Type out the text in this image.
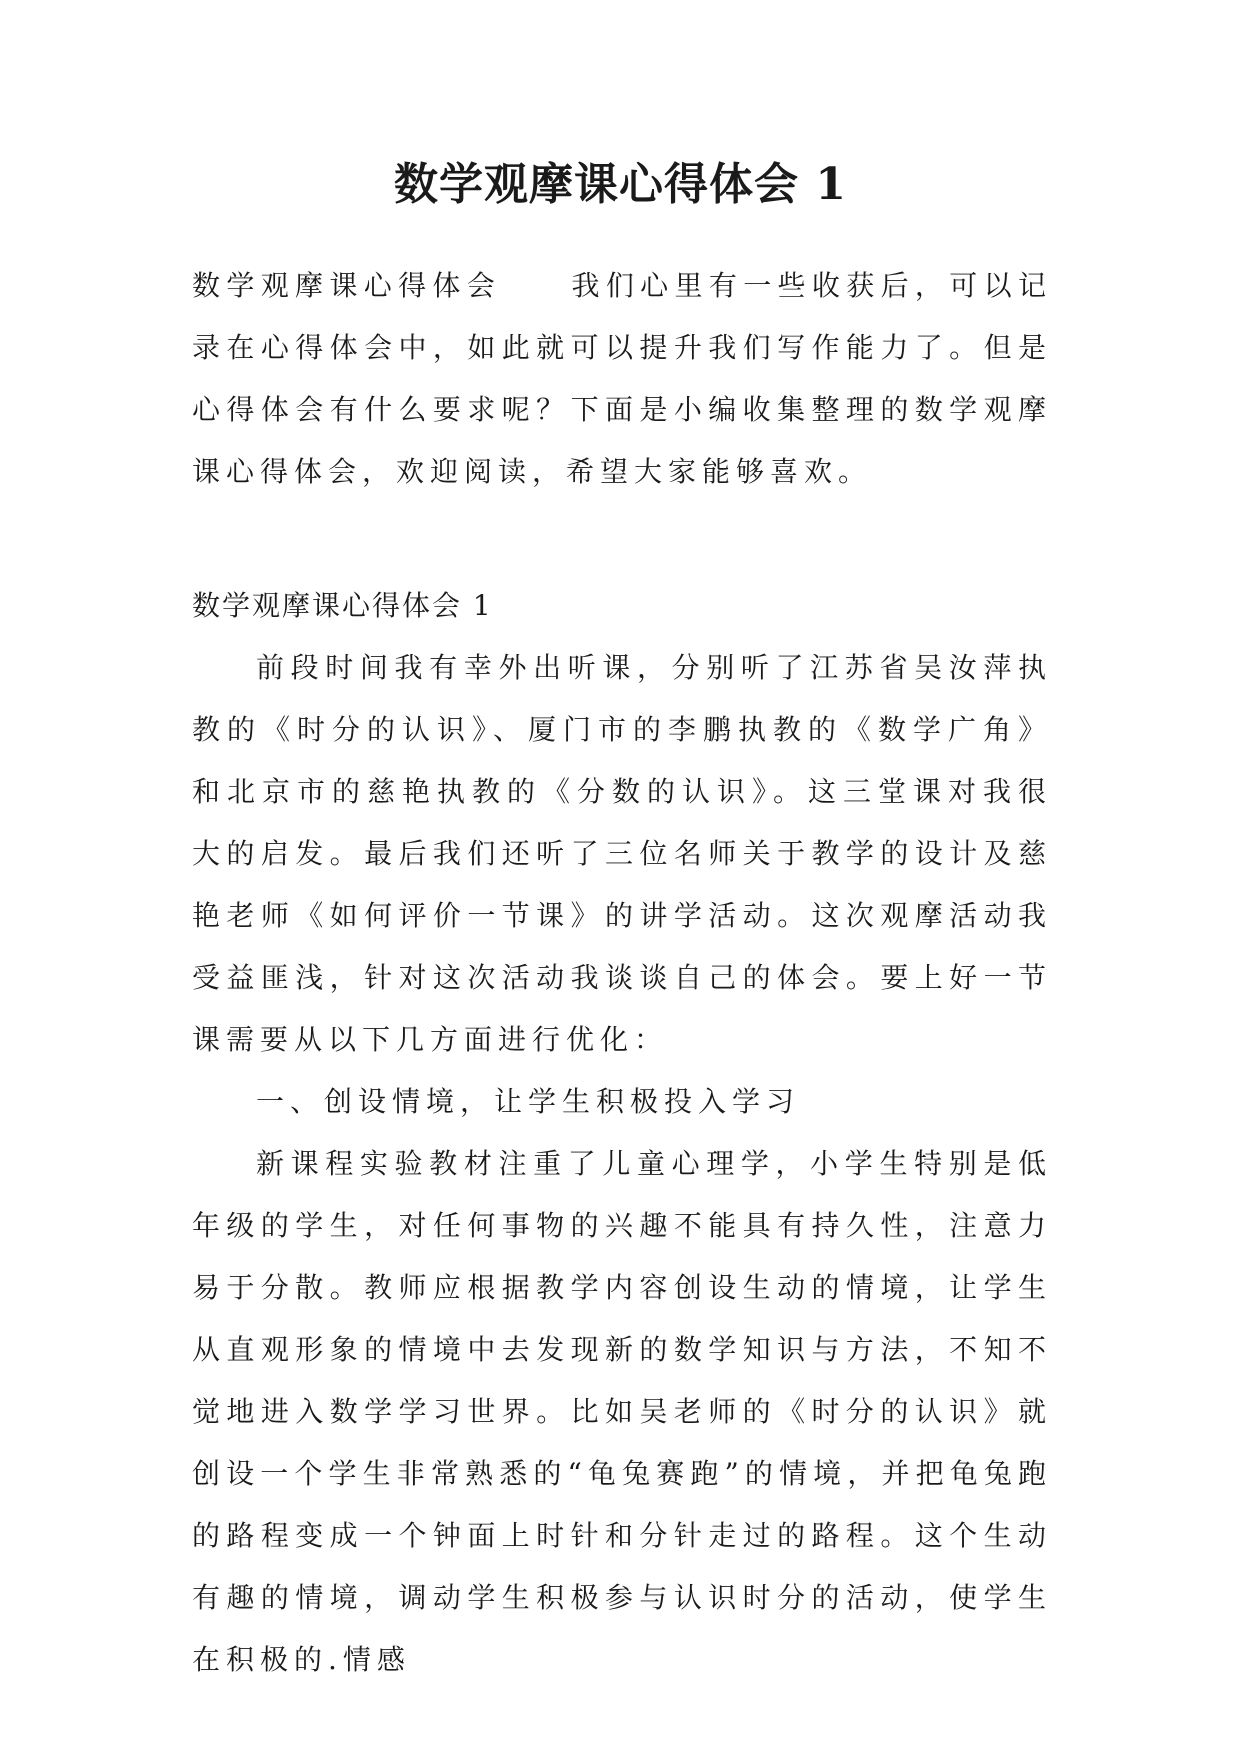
数学观摩课心得体会 1

数学观摩课心得体会	我们心里有一些收获后，可以记录在心得体会中，如此就可以提升我们写作能力了。但是心得体会有什么要求呢？下面是小编收集整理的数学观摩课心得体会，欢迎阅读，希望大家能够喜欢。

数学观摩课心得体会 1

前段时间我有幸外出听课，分别听了江苏省吴汝萍执教的《时分的认识》、厦门市的李鹏执教的《数学广角》和北京市的慈艳执教的《分数的认识》。这三堂课对我很大的启发。最后我们还听了三位名师关于教学的设计及慈艳老师《如何评价一节课》的讲学活动。这次观摩活动我受益匪浅，针对这次活动我谈谈自己的体会。要上好一节课需要从以下几方面进行优化：

一、创设情境，让学生积极投入学习

新课程实验教材注重了儿童心理学，小学生特别是低年级的学生，对任何事物的兴趣不能具有持久性，注意力易于分散。教师应根据教学内容创设生动的情境，让学生从直观形象的情境中去发现新的数学知识与方法，不知不觉地进入数学学习世界。比如吴老师的《时分的认识》就创设一个学生非常熟悉的“龟兔赛跑”的情境，并把龟兔跑的路程变成一个钟面上时针和分针走过的路程。这个生动有趣的情境，调动学生积极参与认识时分的活动，使学生在积极的.情感
